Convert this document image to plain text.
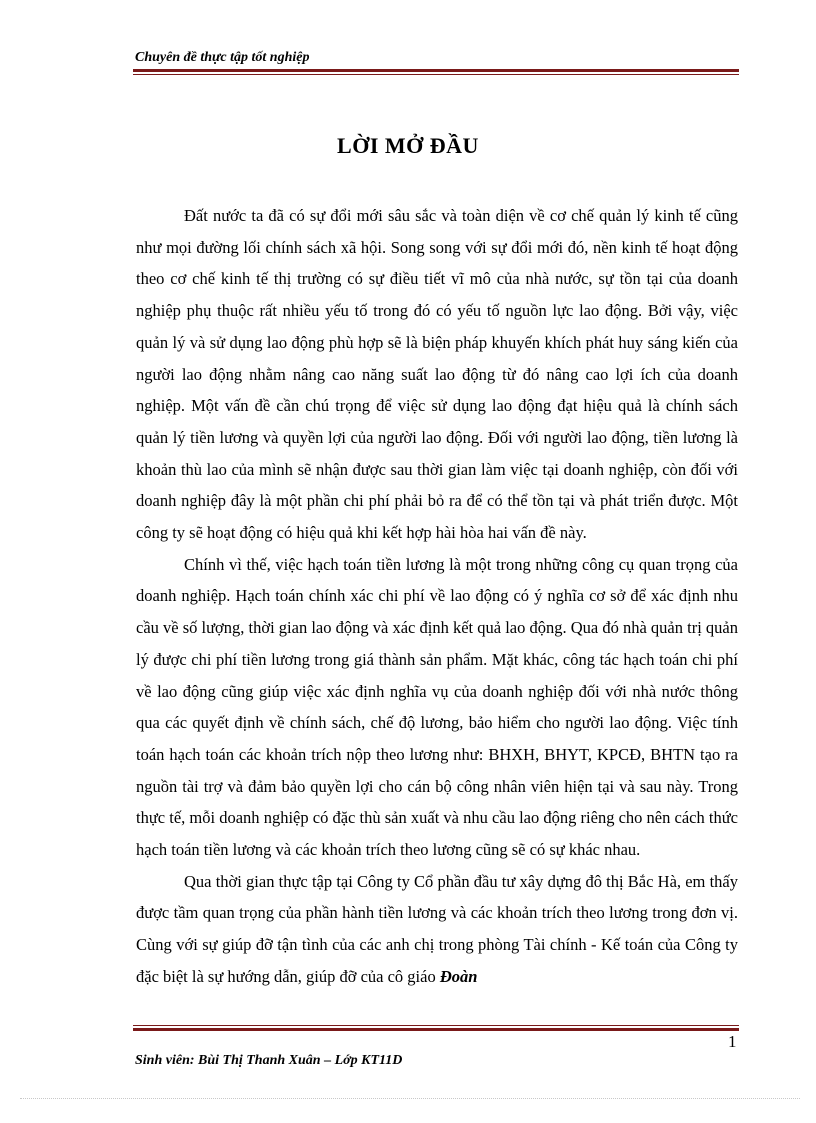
Chuyên đề thực tập tốt nghiệp
LỜI MỞ ĐẦU

Đất nước ta đã có sự đổi mới sâu sắc và toàn diện về cơ chế quản lý kinh tế cũng như mọi đường lối chính sách xã hội. Song song với sự đổi mới đó, nền kinh tế hoạt động theo cơ chế kinh tế thị trường có sự điều tiết vĩ mô của nhà nước, sự tồn tại của doanh nghiệp phụ thuộc rất nhiều yếu tố trong đó có yếu tố nguồn lực lao động. Bởi vậy, việc quản lý và sử dụng lao động phù hợp sẽ là biện pháp khuyến khích phát huy sáng kiến của người lao động nhằm nâng cao năng suất lao động từ đó nâng cao lợi ích của doanh nghiệp. Một vấn đề cần chú trọng để việc sử dụng lao động đạt hiệu quả là chính sách quản lý tiền lương và quyền lợi của người lao động. Đối với người lao động, tiền lương là khoản thù lao của mình sẽ nhận được sau thời gian làm việc tại doanh nghiệp, còn đối với doanh nghiệp đây là một phần chi phí phải bỏ ra để có thể tồn tại và phát triển được. Một công ty sẽ hoạt động có hiệu quả khi kết hợp hài hòa hai vấn đề này.

Chính vì thế, việc hạch toán tiền lương là một trong những công cụ quan trọng của doanh nghiệp. Hạch toán chính xác chi phí về lao động có ý nghĩa cơ sở để xác định nhu cầu về số lượng, thời gian lao động và xác định kết quả lao động. Qua đó nhà quản trị quản lý được chi phí tiền lương trong giá thành sản phẩm. Mặt khác, công tác hạch toán chi phí về lao động cũng giúp việc xác định nghĩa vụ của doanh nghiệp đối với nhà nước thông qua các quyết định về chính sách, chế độ lương, bảo hiểm cho người lao động. Việc tính toán hạch toán các khoản trích nộp theo lương như: BHXH, BHYT, KPCĐ, BHTN tạo ra nguồn tài trợ và đảm bảo quyền lợi cho cán bộ công nhân viên hiện tại và sau này. Trong thực tế, mỗi doanh nghiệp có đặc thù sản xuất và nhu cầu lao động riêng cho nên cách thức hạch toán tiền lương và các khoản trích theo lương cũng sẽ có sự khác nhau.

Qua thời gian thực tập tại Công ty Cổ phần đầu tư xây dựng đô thị Bắc Hà, em thấy được tầm quan trọng của phần hành tiền lương và các khoản trích theo lương trong đơn vị. Cùng với sự giúp đỡ tận tình của các anh chị trong phòng Tài chính - Kế toán của Công ty đặc biệt là sự hướng dẫn, giúp đỡ của cô giáo Đoàn

1
Sinh viên: Bùi Thị Thanh Xuân – Lớp KT11D
